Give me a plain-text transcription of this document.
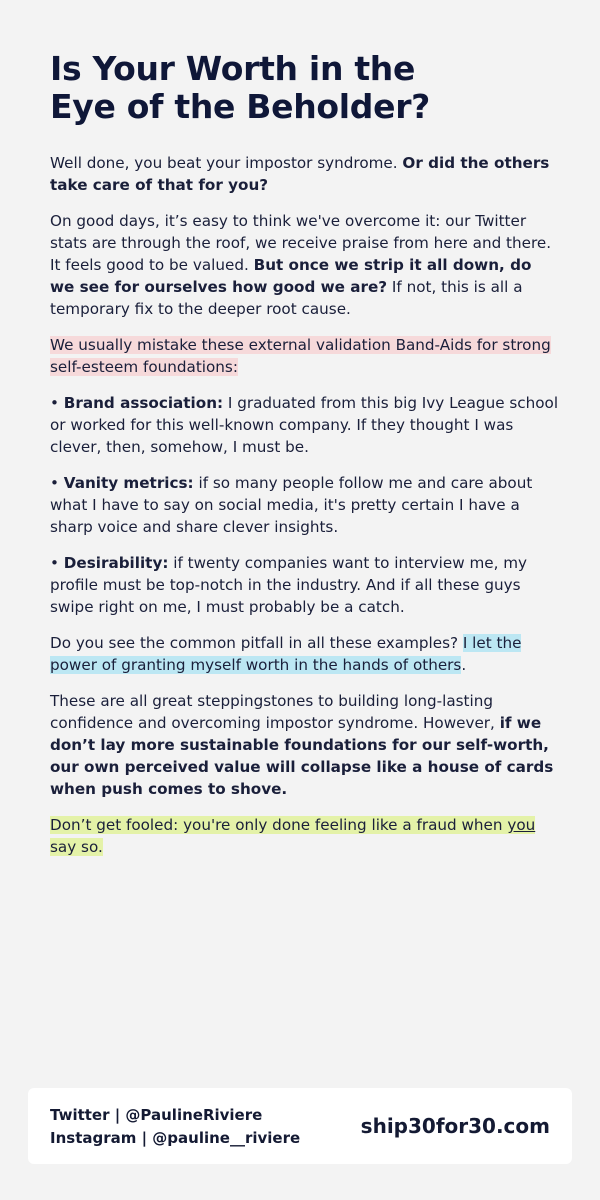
Is Your Worth in the
Eye of the Beholder?

Well done, you beat your impostor syndrome. Or did the others take care of that for you?

On good days, it’s easy to think we've overcome it: our Twitter stats are through the roof, we receive praise from here and there. It feels good to be valued. But once we strip it all down, do we see for ourselves how good we are? If not, this is all a temporary fix to the deeper root cause.

We usually mistake these external validation Band-Aids for strong self-esteem foundations:

• Brand association: I graduated from this big Ivy League school or worked for this well-known company. If they thought I was clever, then, somehow, I must be.

• Vanity metrics: if so many people follow me and care about what I have to say on social media, it's pretty certain I have a sharp voice and share clever insights.

• Desirability: if twenty companies want to interview me, my profile must be top-notch in the industry. And if all these guys swipe right on me, I must probably be a catch.

Do you see the common pitfall in all these examples? I let the power of granting myself worth in the hands of others.

These are all great steppingstones to building long-lasting confidence and overcoming impostor syndrome. However, if we don’t lay more sustainable foundations for our self-worth, our own perceived value will collapse like a house of cards when push comes to shove.

Don’t get fooled: you're only done feeling like a fraud when you say so.

Twitter | @PaulineRiviere
Instagram | @pauline__riviere	ship30for30.com
